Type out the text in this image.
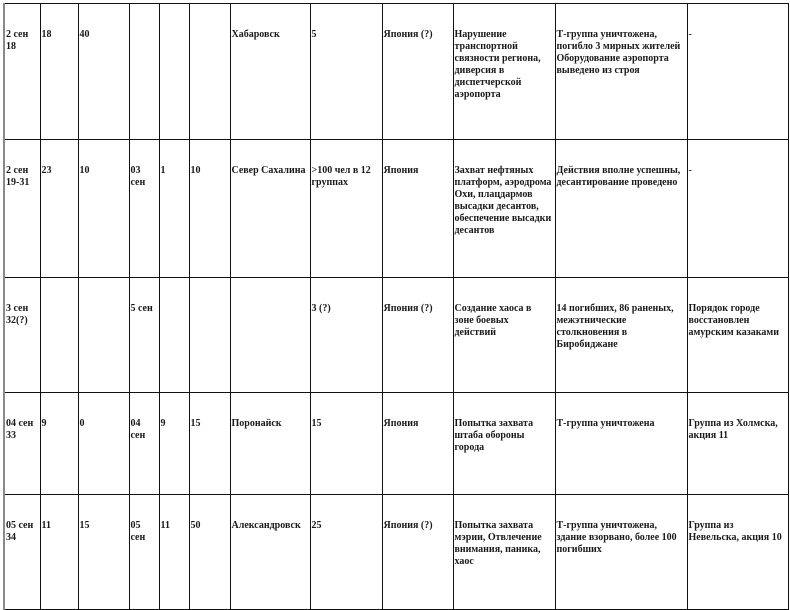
2 сен 18	18	40				Хабаровск	5	Япония (?)	Нарушение транспортной связности региона, диверсия в диспетчерской аэропорта	Т-группа уничтожена, погибло 3 мирных жителей Оборудование аэропорта выведено из строя	-
2 сен 19-31	23	10	03 сен	1	10	Север Сахалина	>100 чел в 12 группах	Япония	Захват нефтяных платформ, аэродрома Охи, плацдармов высадки десантов, обеспечение высадки десантов	Действия вполне успешны, десантирование проведено	-
3 сен 32(?)			5 сен				3 (?)	Япония (?)	Создание хаоса в зоне боевых действий	14 погибших, 86 раненых, межэтнические столкновения в Биробиджане	Порядок городе восстановлен амурским казаками
04 сен 33	9	0	04 сен	9	15	Поронайск	15	Япония	Попытка захвата штаба обороны города	Т-группа уничтожена	Группа из Холмска, акция 11
05 сен 34	11	15	05 сен	11	50	Александровск	25	Япония (?)	Попытка захвата мэрии, Отвлечение внимания, паника, хаос	Т-группа уничтожена, здание взорвано, более 100 погибших	Группа из Невельска, акция 10
